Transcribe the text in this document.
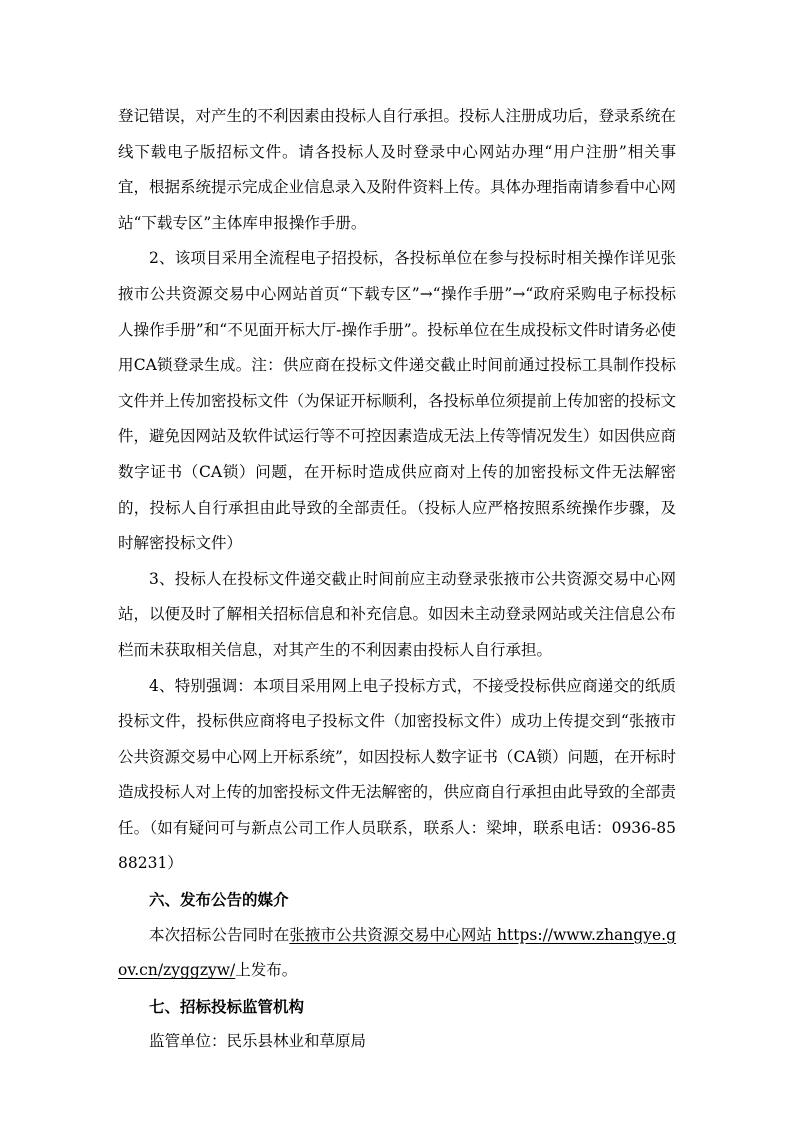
登记错误，对产生的不利因素由投标人自行承担。投标人注册成功后，登录系统在线下载电子版招标文件。请各投标人及时登录中心网站办理“用户注册”相关事宜，根据系统提示完成企业信息录入及附件资料上传。具体办理指南请参看中心网站“下载专区”主体库申报操作手册。

2、该项目采用全流程电子招投标，各投标单位在参与投标时相关操作详见张掖市公共资源交易中心网站首页“下载专区”→“操作手册”→“政府采购电子标投标人操作手册”和“不见面开标大厅-操作手册”。投标单位在生成投标文件时请务必使用CA锁登录生成。注：供应商在投标文件递交截止时间前通过投标工具制作投标文件并上传加密投标文件（为保证开标顺利，各投标单位须提前上传加密的投标文件，避免因网站及软件试运行等不可控因素造成无法上传等情况发生）如因供应商数字证书（CA锁）问题，在开标时造成供应商对上传的加密投标文件无法解密的，投标人自行承担由此导致的全部责任。（投标人应严格按照系统操作步骤，及时解密投标文件）

3、投标人在投标文件递交截止时间前应主动登录张掖市公共资源交易中心网站，以便及时了解相关招标信息和补充信息。如因未主动登录网站或关注信息公布栏而未获取相关信息，对其产生的不利因素由投标人自行承担。

4、特别强调：本项目采用网上电子投标方式，不接受投标供应商递交的纸质投标文件，投标供应商将电子投标文件（加密投标文件）成功上传提交到“张掖市公共资源交易中心网上开标系统”，如因投标人数字证书（CA锁）问题，在开标时造成投标人对上传的加密投标文件无法解密的，供应商自行承担由此导致的全部责任。（如有疑问可与新点公司工作人员联系，联系人：梁坤，联系电话：0936-8588231）

六、发布公告的媒介

本次招标公告同时在张掖市公共资源交易中心网站 https://www.zhangye.gov.cn/zyggzyw/上发布。

七、招标投标监管机构

监管单位：民乐县林业和草原局
